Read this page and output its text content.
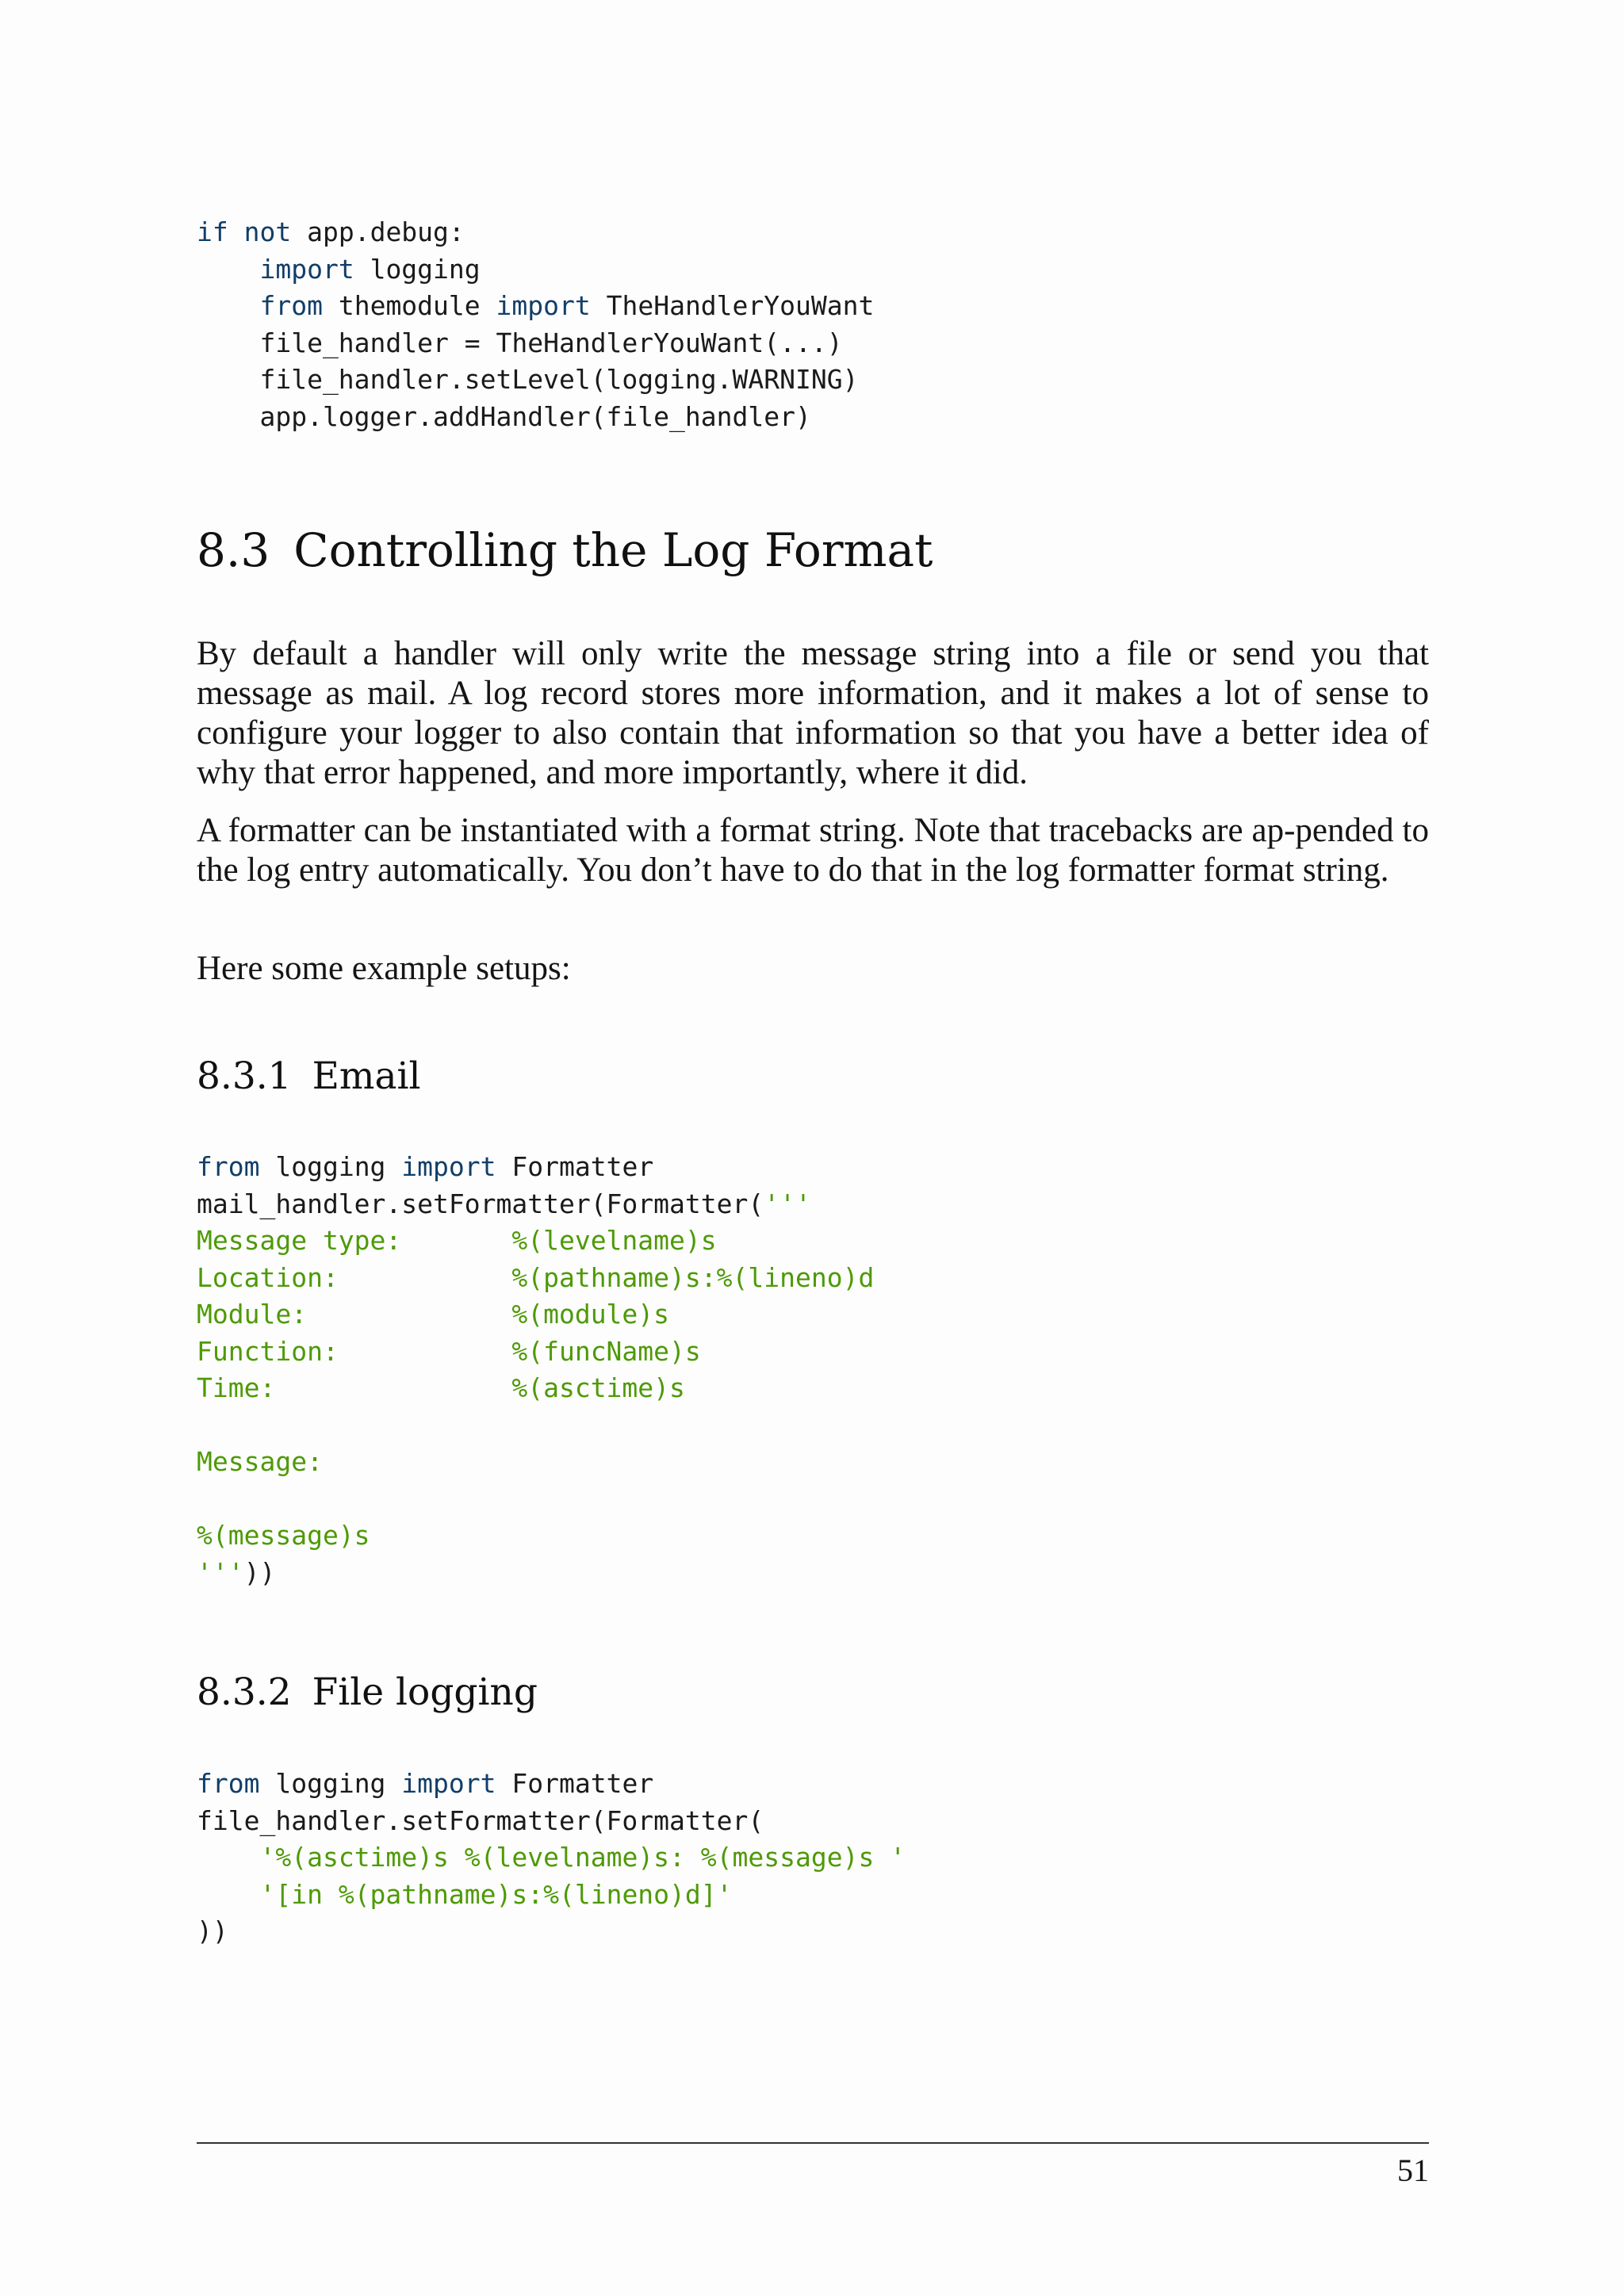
if not app.debug:
import logging
from themodule import TheHandlerYouWant
file_handler = TheHandlerYouWant(...)
file_handler.setLevel(logging.WARNING)
app.logger.addHandler(file_handler)
8.3 Controlling the Log Format

By default a handler will only write the message string into a file or send you that message as mail. A log record stores more information, and it makes a lot of sense to configure your logger to also contain that information so that you have a better idea of why that error happened, and more importantly, where it did.

A formatter can be instantiated with a format string. Note that tracebacks are ap-pended to the log entry automatically. You don’t have to do that in the log formatter format string.

Here some example setups:

8.3.1 Email
from logging import Formatter
mail_handler.setFormatter(Formatter('''
Message type:       %(levelname)s
Location:           %(pathname)s:%(lineno)d
Module:             %(module)s
Function:           %(funcName)s
Time:               %(asctime)s

Message:

%(message)s
'''))
8.3.2 File logging
from logging import Formatter
file_handler.setFormatter(Formatter(
'%(asctime)s %(levelname)s: %(message)s '
'[in %(pathname)s:%(lineno)d]'
))
51
